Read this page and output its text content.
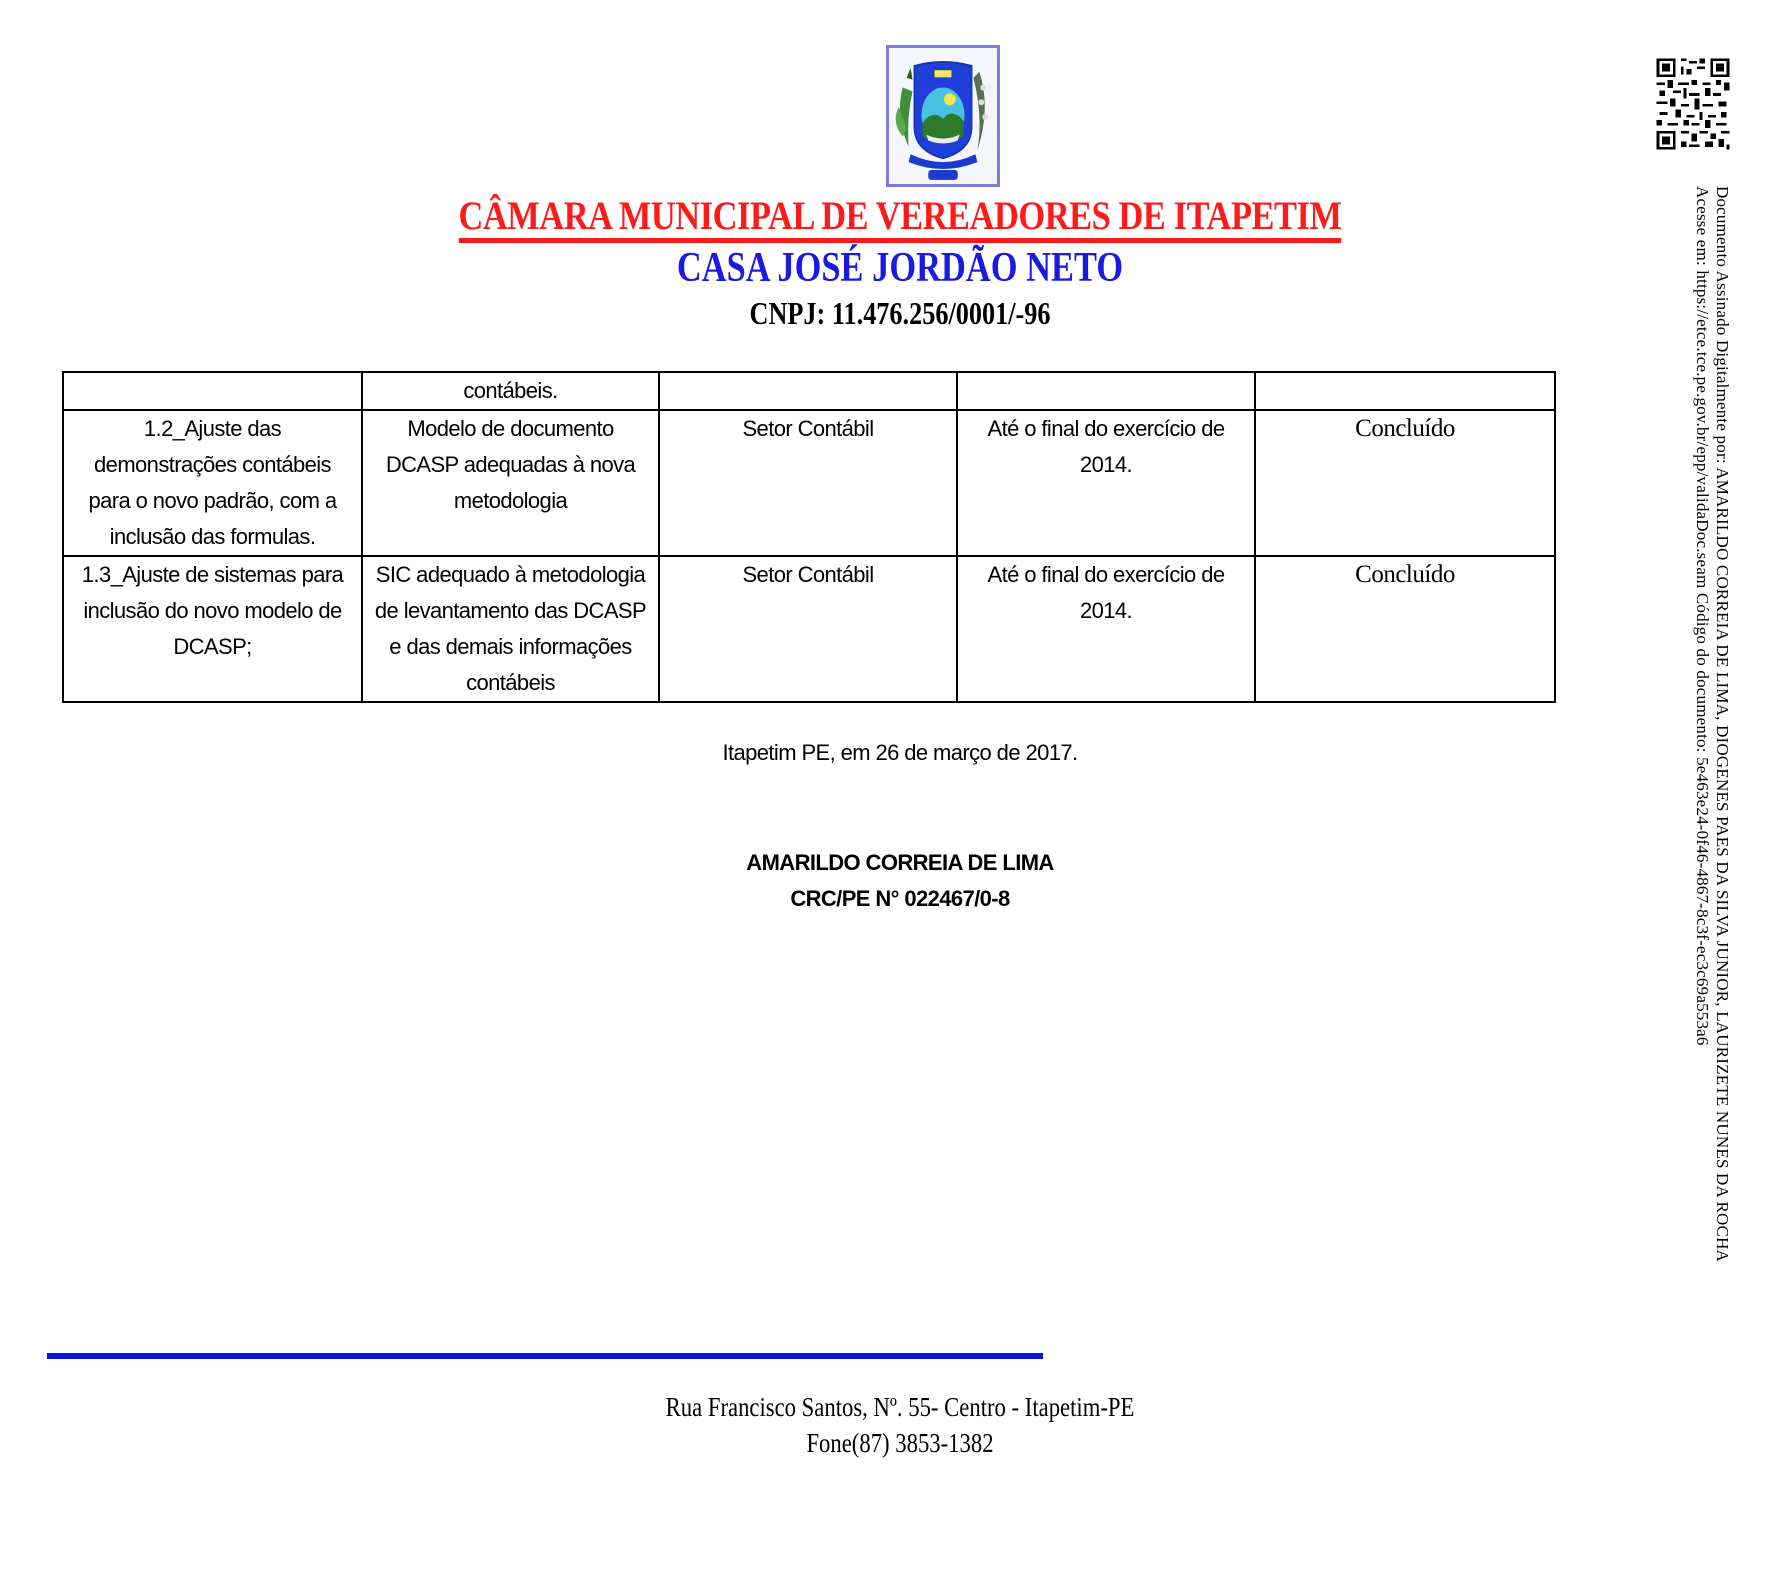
CÂMARA MUNICIPAL DE VEREADORES DE ITAPETIM
CASA JOSÉ JORDÃO NETO
CNPJ: 11.476.256/0001/-96

	contábeis.			

1.2_Ajuste das
demonstrações contábeis
para o novo padrão, com a
inclusão das formulas.	Modelo de documento
DCASP adequadas à nova
metodologia	Setor Contábil	Até o final do exercício de
2014.	Concluído

1.3_Ajuste de sistemas para
inclusão do novo modelo de
DCASP;	SIC adequado à metodologia
de levantamento das DCASP
e das demais informações
contábeis	Setor Contábil	Até o final do exercício de
2014.	Concluído
Itapetim PE, em 26 de março de 2017.
AMARILDO CORREIA DE LIMA
CRC/PE N° 022467/0-8
Rua Francisco Santos, Nº. 55- Centro - Itapetim-PE
Fone(87) 3853-1382
Documento Assinado Digitalmente por: AMARILDO CORREIA DE LIMA, DIOGENES PAES DA SILVA JUNIOR, LAURIZETE NUNES DA ROCHA
Acesse em: https://etce.tce.pe.gov.br/epp/validaDoc.seam Código do documento: 5e463e24-0f46-4867-8c3f-ec3c69a553a6
